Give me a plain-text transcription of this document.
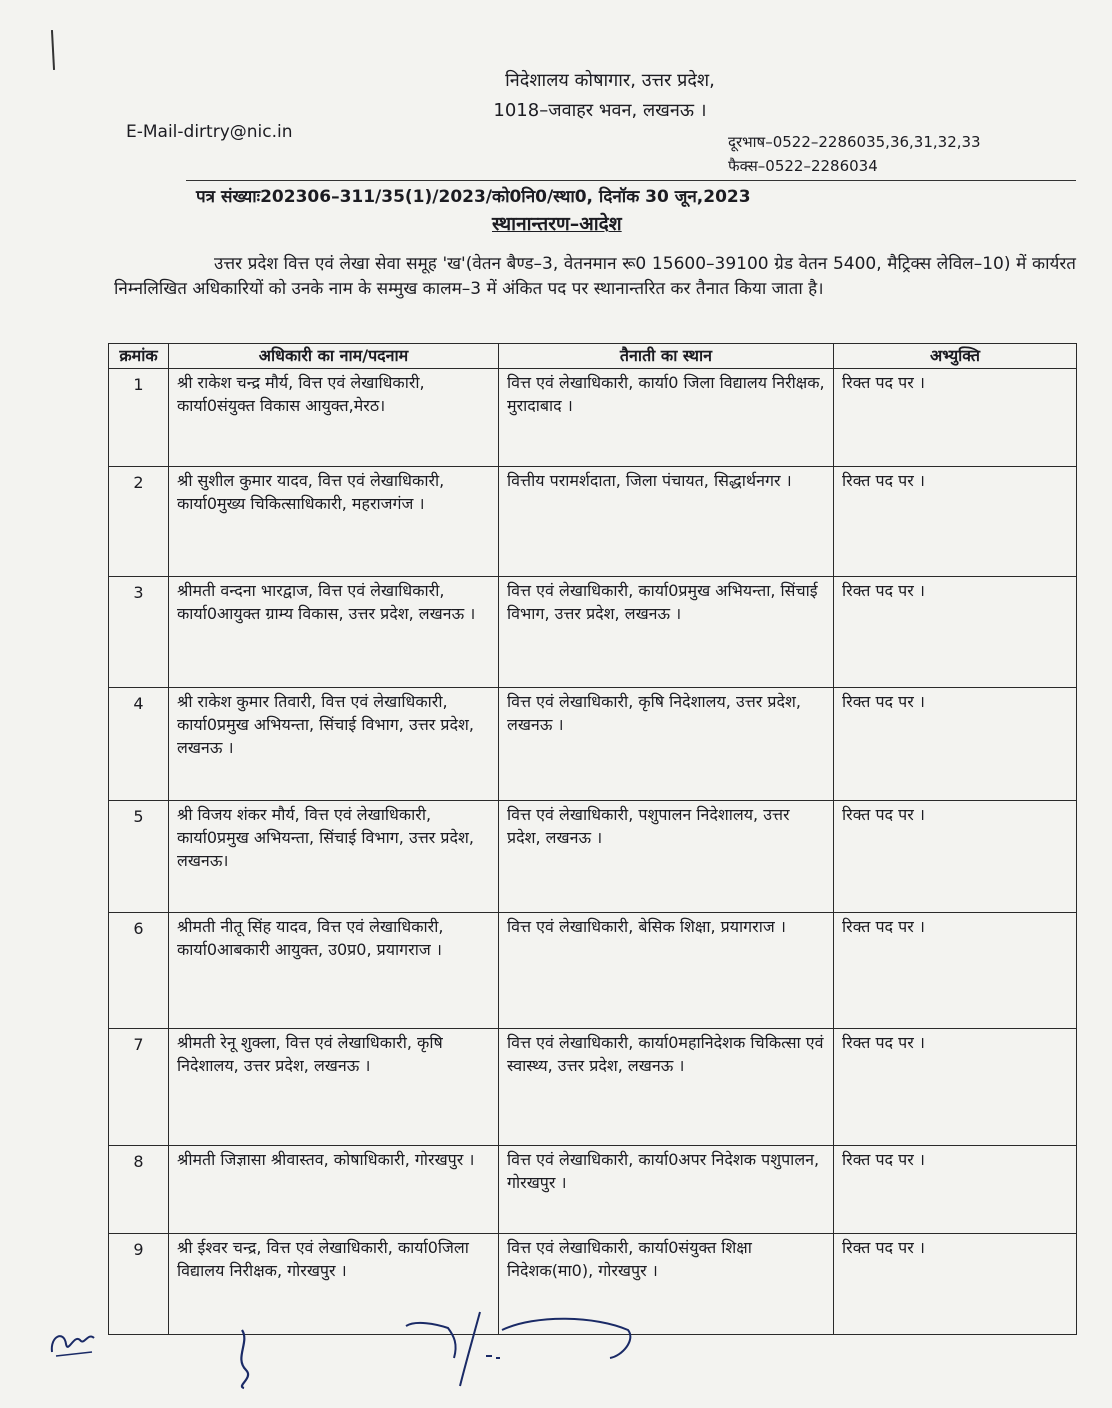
निदेशालय कोषागार, उत्तर प्रदेश,
1018–जवाहर भवन, लखनऊ ।
E-Mail-dirtry@nic.in	दूरभाष–0522–2286035,36,31,32,33
फैक्स–0522–2286034
पत्र संख्याः202306–311/35(1)/2023/को0नि0/स्था0, दिनॉक 30 जून,2023
स्थानान्तरण–आदेश

उत्तर प्रदेश वित्त एवं लेखा सेवा समूह 'ख'(वेतन बैण्ड–3, वेतनमान रू0 15600–39100 ग्रेड वेतन 5400, मैट्रिक्स लेविल–10) में कार्यरत निम्नलिखित अधिकारियों को उनके नाम के सम्मुख कालम–3 में अंकित पद पर स्थानान्तरित कर तैनात किया जाता है।

क्रमांक	अधिकारी का नाम/पदनाम	तैनाती का स्थान	अभ्युक्ति
1	श्री राकेश चन्द्र मौर्य, वित्त एवं लेखाधिकारी, कार्या0संयुक्त विकास आयुक्त,मेरठ।	वित्त एवं लेखाधिकारी, कार्या0 जिला विद्यालय निरीक्षक, मुरादाबाद ।	रिक्त पद पर ।
2	श्री सुशील कुमार यादव, वित्त एवं लेखाधिकारी, कार्या0मुख्य चिकित्साधिकारी, महराजगंज ।	वित्तीय परामर्शदाता, जिला पंचायत, सिद्धार्थनगर ।	रिक्त पद पर ।
3	श्रीमती वन्दना भारद्वाज, वित्त एवं लेखाधिकारी, कार्या0आयुक्त ग्राम्य विकास, उत्तर प्रदेश, लखनऊ ।	वित्त एवं लेखाधिकारी, कार्या0प्रमुख अभियन्ता, सिंचाई विभाग, उत्तर प्रदेश, लखनऊ ।	रिक्त पद पर ।
4	श्री राकेश कुमार तिवारी, वित्त एवं लेखाधिकारी, कार्या0प्रमुख अभियन्ता, सिंचाई विभाग, उत्तर प्रदेश, लखनऊ ।	वित्त एवं लेखाधिकारी, कृषि निदेशालय, उत्तर प्रदेश, लखनऊ ।	रिक्त पद पर ।
5	श्री विजय शंकर मौर्य, वित्त एवं लेखाधिकारी, कार्या0प्रमुख अभियन्ता, सिंचाई विभाग, उत्तर प्रदेश, लखनऊ।	वित्त एवं लेखाधिकारी, पशुपालन निदेशालय, उत्तर प्रदेश, लखनऊ ।	रिक्त पद पर ।
6	श्रीमती नीतू सिंह यादव, वित्त एवं लेखाधिकारी, कार्या0आबकारी आयुक्त, उ0प्र0, प्रयागराज ।	वित्त एवं लेखाधिकारी, बेसिक शिक्षा, प्रयागराज ।	रिक्त पद पर ।
7	श्रीमती रेनू शुक्ला, वित्त एवं लेखाधिकारी, कृषि निदेशालय, उत्तर प्रदेश, लखनऊ ।	वित्त एवं लेखाधिकारी, कार्या0महानिदेशक चिकित्सा एवं स्वास्थ्य, उत्तर प्रदेश, लखनऊ ।	रिक्त पद पर ।
8	श्रीमती जिज्ञासा श्रीवास्तव, कोषाधिकारी, गोरखपुर ।	वित्त एवं लेखाधिकारी, कार्या0अपर निदेशक पशुपालन, गोरखपुर ।	रिक्त पद पर ।
9	श्री ईश्वर चन्द्र, वित्त एवं लेखाधिकारी, कार्या0जिला विद्यालय निरीक्षक, गोरखपुर ।	वित्त एवं लेखाधिकारी, कार्या0संयुक्त शिक्षा निदेशक(मा0), गोरखपुर ।	रिक्त पद पर ।
